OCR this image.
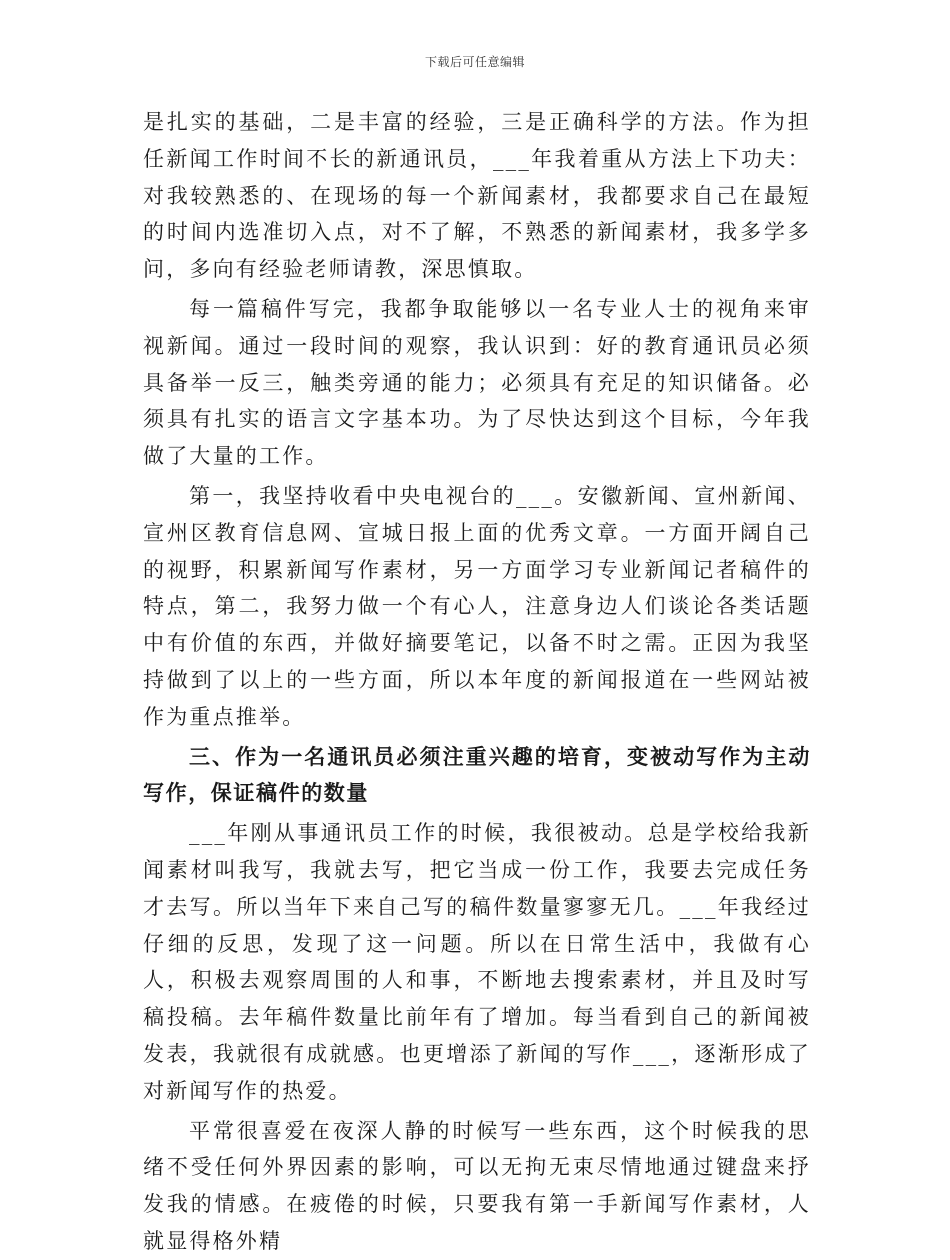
下载后可任意编辑

是扎实的基础，二是丰富的经验，三是正确科学的方法。作为担任新闻工作时间不长的新通讯员，___年我着重从方法上下功夫：对我较熟悉的、在现场的每一个新闻素材，我都要求自己在最短的时间内选准切入点，对不了解，不熟悉的新闻素材，我多学多问，多向有经验老师请教，深思慎取。

每一篇稿件写完，我都争取能够以一名专业人士的视角来审视新闻。通过一段时间的观察，我认识到：好的教育通讯员必须具备举一反三，触类旁通的能力；必须具有充足的知识储备。必须具有扎实的语言文字基本功。为了尽快达到这个目标，今年我做了大量的工作。

第一，我坚持收看中央电视台的___。安徽新闻、宣州新闻、宣州区教育信息网、宣城日报上面的优秀文章。一方面开阔自己的视野，积累新闻写作素材，另一方面学习专业新闻记者稿件的特点，第二，我努力做一个有心人，注意身边人们谈论各类话题中有价值的东西，并做好摘要笔记，以备不时之需。正因为我坚持做到了以上的一些方面，所以本年度的新闻报道在一些网站被作为重点推举。

三、作为一名通讯员必须注重兴趣的培育，变被动写作为主动写作，保证稿件的数量

___年刚从事通讯员工作的时候，我很被动。总是学校给我新闻素材叫我写，我就去写，把它当成一份工作，我要去完成任务才去写。所以当年下来自己写的稿件数量寥寥无几。___年我经过仔细的反思，发现了这一问题。所以在日常生活中，我做有心人，积极去观察周围的人和事，不断地去搜索素材，并且及时写稿投稿。去年稿件数量比前年有了增加。每当看到自己的新闻被发表，我就很有成就感。也更增添了新闻的写作___，逐渐形成了对新闻写作的热爱。

平常很喜爱在夜深人静的时候写一些东西，这个时候我的思绪不受任何外界因素的影响，可以无拘无束尽情地通过键盘来抒发我的情感。在疲倦的时候，只要我有第一手新闻写作素材，人就显得格外精
